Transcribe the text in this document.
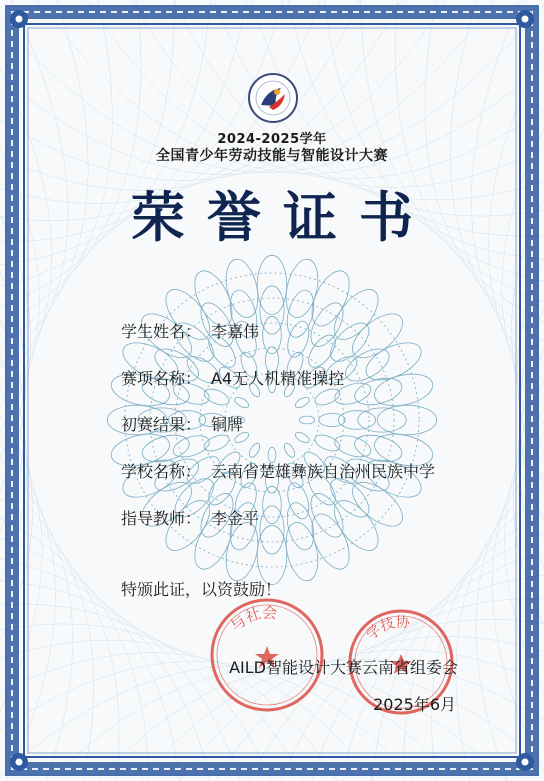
2024-2025学年
全国青少年劳动技能与智能设计大赛
荣誉证书
学生姓名： 李嘉伟
赛项名称： A4无人机精准操控
初赛结果： 铜牌
学校名称： 云南省楚雄彝族自治州民族中学
指导教师： 李金平
特颁此证，以资鼓励！
与社会
学技协
AILD智能设计大赛云南省组委会
2025年6月
